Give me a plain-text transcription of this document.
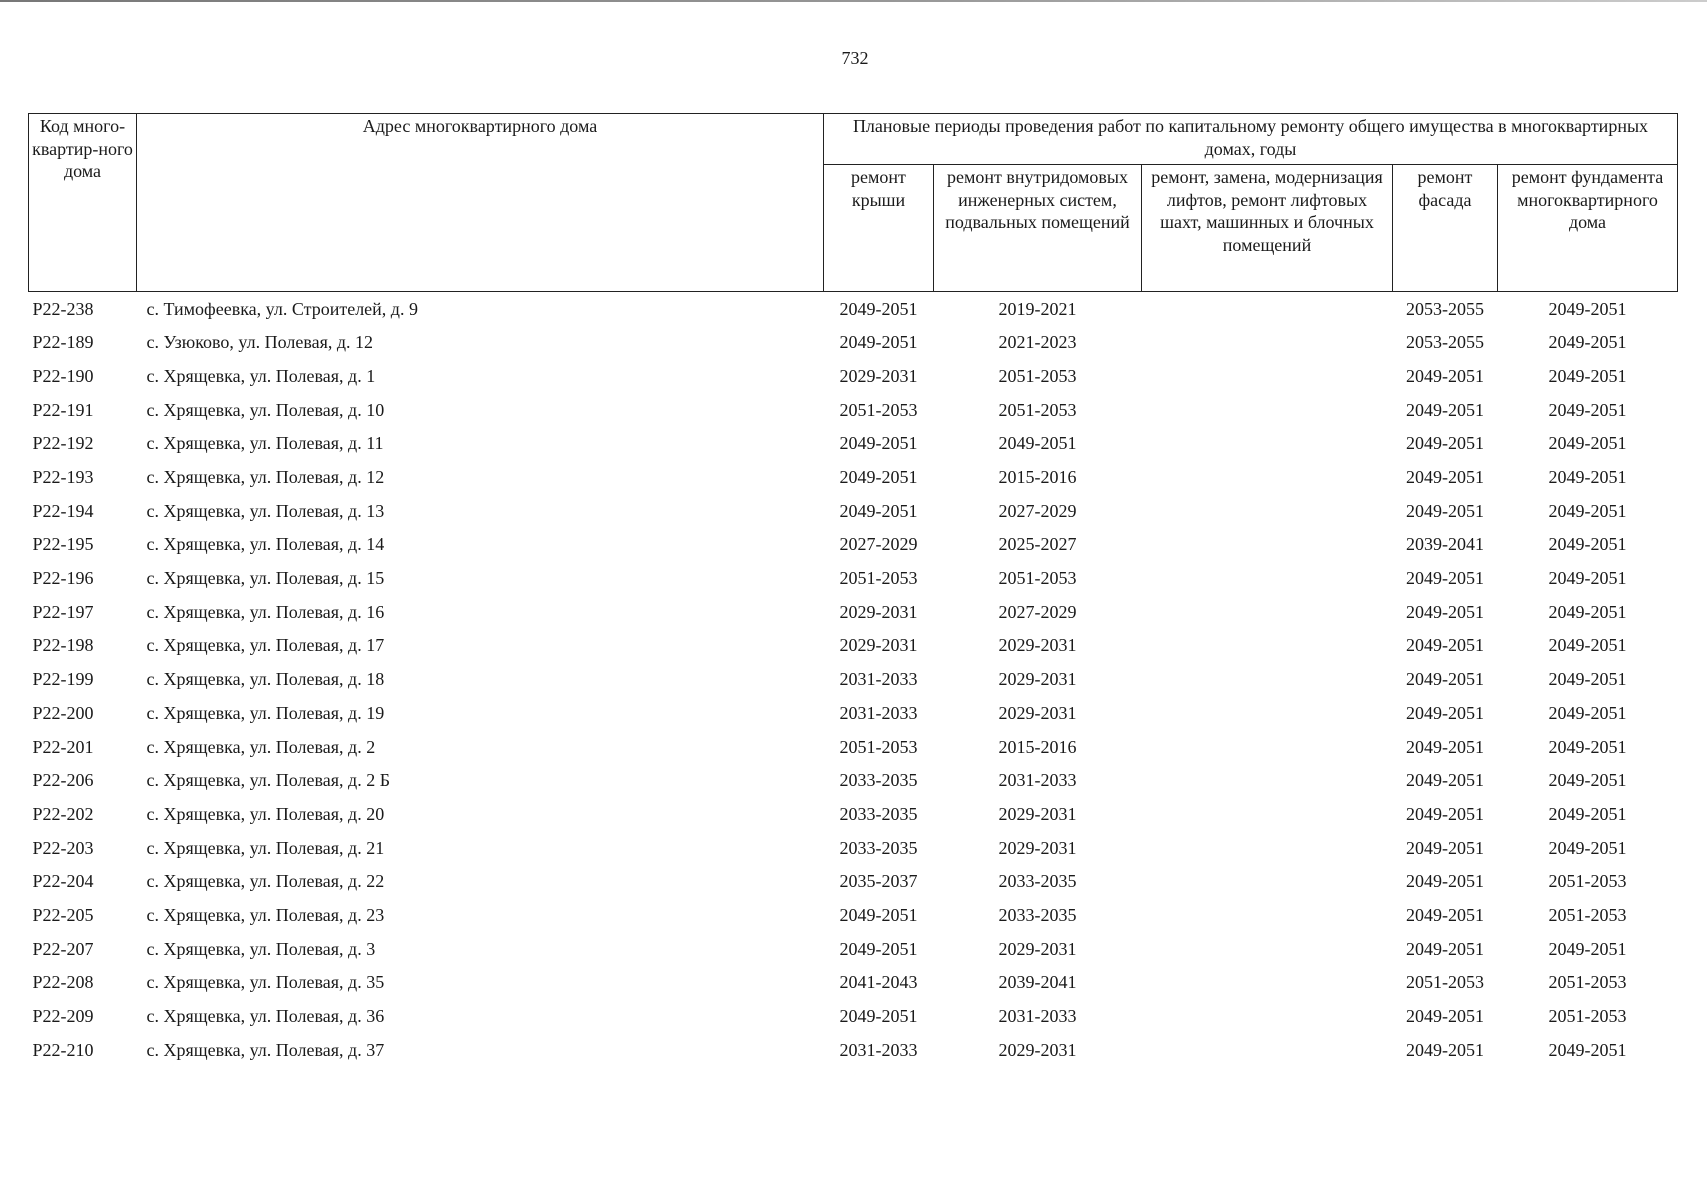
732
Код много-квартир-ного дома	Адрес многоквартирного дома	Плановые периоды проведения работ по капитальному ремонту общего имущества в многоквартирных домах, годы				
		ремонт крыши	ремонт внутридомовых инженерных систем, подвальных помещений	ремонт, замена, модернизация лифтов, ремонт лифтовых шахт, машинных и блочных помещений	ремонт фасада	ремонт фундамента многоквартирного дома
P22-238	с. Тимофеевка, ул. Строителей, д. 9	2049-2051	2019-2021		2053-2055	2049-2051
P22-189	с. Узюково, ул. Полевая, д. 12	2049-2051	2021-2023		2053-2055	2049-2051
P22-190	с. Хрящевка, ул. Полевая, д. 1	2029-2031	2051-2053		2049-2051	2049-2051
P22-191	с. Хрящевка, ул. Полевая, д. 10	2051-2053	2051-2053		2049-2051	2049-2051
P22-192	с. Хрящевка, ул. Полевая, д. 11	2049-2051	2049-2051		2049-2051	2049-2051
P22-193	с. Хрящевка, ул. Полевая, д. 12	2049-2051	2015-2016		2049-2051	2049-2051
P22-194	с. Хрящевка, ул. Полевая, д. 13	2049-2051	2027-2029		2049-2051	2049-2051
P22-195	с. Хрящевка, ул. Полевая, д. 14	2027-2029	2025-2027		2039-2041	2049-2051
P22-196	с. Хрящевка, ул. Полевая, д. 15	2051-2053	2051-2053		2049-2051	2049-2051
P22-197	с. Хрящевка, ул. Полевая, д. 16	2029-2031	2027-2029		2049-2051	2049-2051
P22-198	с. Хрящевка, ул. Полевая, д. 17	2029-2031	2029-2031		2049-2051	2049-2051
P22-199	с. Хрящевка, ул. Полевая, д. 18	2031-2033	2029-2031		2049-2051	2049-2051
P22-200	с. Хрящевка, ул. Полевая, д. 19	2031-2033	2029-2031		2049-2051	2049-2051
P22-201	с. Хрящевка, ул. Полевая, д. 2	2051-2053	2015-2016		2049-2051	2049-2051
P22-206	с. Хрящевка, ул. Полевая, д. 2 Б	2033-2035	2031-2033		2049-2051	2049-2051
P22-202	с. Хрящевка, ул. Полевая, д. 20	2033-2035	2029-2031		2049-2051	2049-2051
P22-203	с. Хрящевка, ул. Полевая, д. 21	2033-2035	2029-2031		2049-2051	2049-2051
P22-204	с. Хрящевка, ул. Полевая, д. 22	2035-2037	2033-2035		2049-2051	2051-2053
P22-205	с. Хрящевка, ул. Полевая, д. 23	2049-2051	2033-2035		2049-2051	2051-2053
P22-207	с. Хрящевка, ул. Полевая, д. 3	2049-2051	2029-2031		2049-2051	2049-2051
P22-208	с. Хрящевка, ул. Полевая, д. 35	2041-2043	2039-2041		2051-2053	2051-2053
P22-209	с. Хрящевка, ул. Полевая, д. 36	2049-2051	2031-2033		2049-2051	2051-2053
P22-210	с. Хрящевка, ул. Полевая, д. 37	2031-2033	2029-2031		2049-2051	2049-2051
